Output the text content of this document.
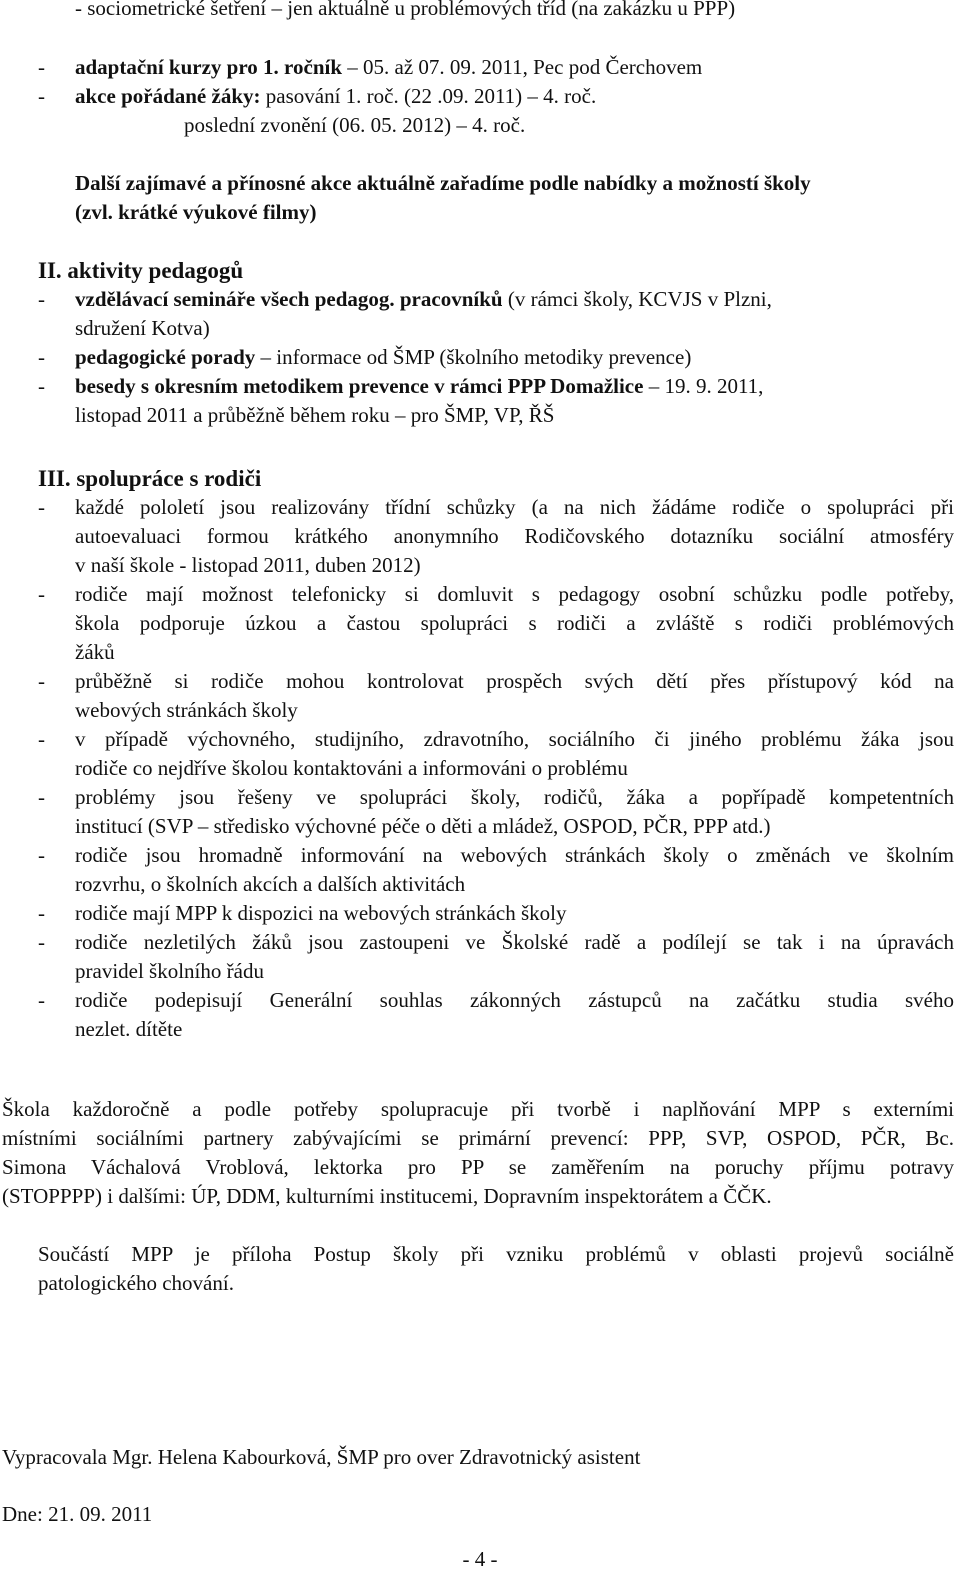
- sociometrické šetření – jen aktuálně u problémových tříd (na zakázku u PPP)
- adaptační kurzy pro 1. ročník – 05. až 07. 09. 2011, Pec pod Čerchovem
- akce pořádané žáky: pasování 1. roč. (22 .09. 2011) – 4. roč.
poslední zvonění (06. 05. 2012) – 4. roč.
Další zajímavé a přínosné akce aktuálně zařadíme podle nabídky a možností školy
(zvl. krátké výukové filmy)
II. aktivity pedagogů
- vzdělávací semináře všech pedagog. pracovníků (v rámci školy, KCVJS v Plzni,
sdružení Kotva)
- pedagogické porady – informace od ŠMP (školního metodiky prevence)
- besedy s okresním metodikem prevence v rámci PPP Domažlice – 19. 9. 2011,
listopad 2011 a průběžně během roku – pro ŠMP, VP, ŘŠ
III. spolupráce s rodiči
- každé pololetí jsou realizovány třídní schůzky (a na nich žádáme rodiče o spolupráci při
autoevaluaci formou krátkého anonymního Rodičovského dotazníku sociální atmosféry
v naší škole - listopad 2011, duben 2012)
- rodiče mají možnost telefonicky si domluvit s pedagogy osobní schůzku podle potřeby,
škola podporuje úzkou a častou spolupráci s rodiči a zvláště s rodiči problémových
žáků
- průběžně si rodiče mohou kontrolovat prospěch svých dětí přes přístupový kód na
webových stránkách školy
- v případě výchovného, studijního, zdravotního, sociálního či jiného problému žáka jsou
rodiče co nejdříve školou kontaktováni a informováni o problému
- problémy jsou řešeny ve spolupráci školy, rodičů, žáka a popřípadě kompetentních
institucí (SVP – středisko výchovné péče o děti a mládež, OSPOD, PČR, PPP atd.)
- rodiče jsou hromadně informování na webových stránkách školy o změnách ve školním
rozvrhu, o školních akcích a dalších aktivitách
- rodiče mají MPP k dispozici na webových stránkách školy
- rodiče nezletilých žáků jsou zastoupeni ve Školské radě a podílejí se tak i na úpravách
pravidel školního řádu
- rodiče podepisují Generální souhlas zákonných zástupců na začátku studia svého
nezlet. dítěte
Škola každoročně a podle potřeby spolupracuje při tvorbě i naplňování MPP s externími
místními sociálními partnery zabývajícími se primární prevencí: PPP, SVP, OSPOD, PČR, Bc.
Simona Váchalová Vroblová, lektorka pro PP se zaměřením na poruchy příjmu potravy
(STOPPPP) i dalšími: ÚP, DDM, kulturními institucemi, Dopravním inspektorátem a ČČK.
Součástí MPP je příloha Postup školy při vzniku problémů v oblasti projevů sociálně
patologického chování.
Vypracovala Mgr. Helena Kabourková, ŠMP pro over Zdravotnický asistent
Dne: 21. 09. 2011
- 4 -
